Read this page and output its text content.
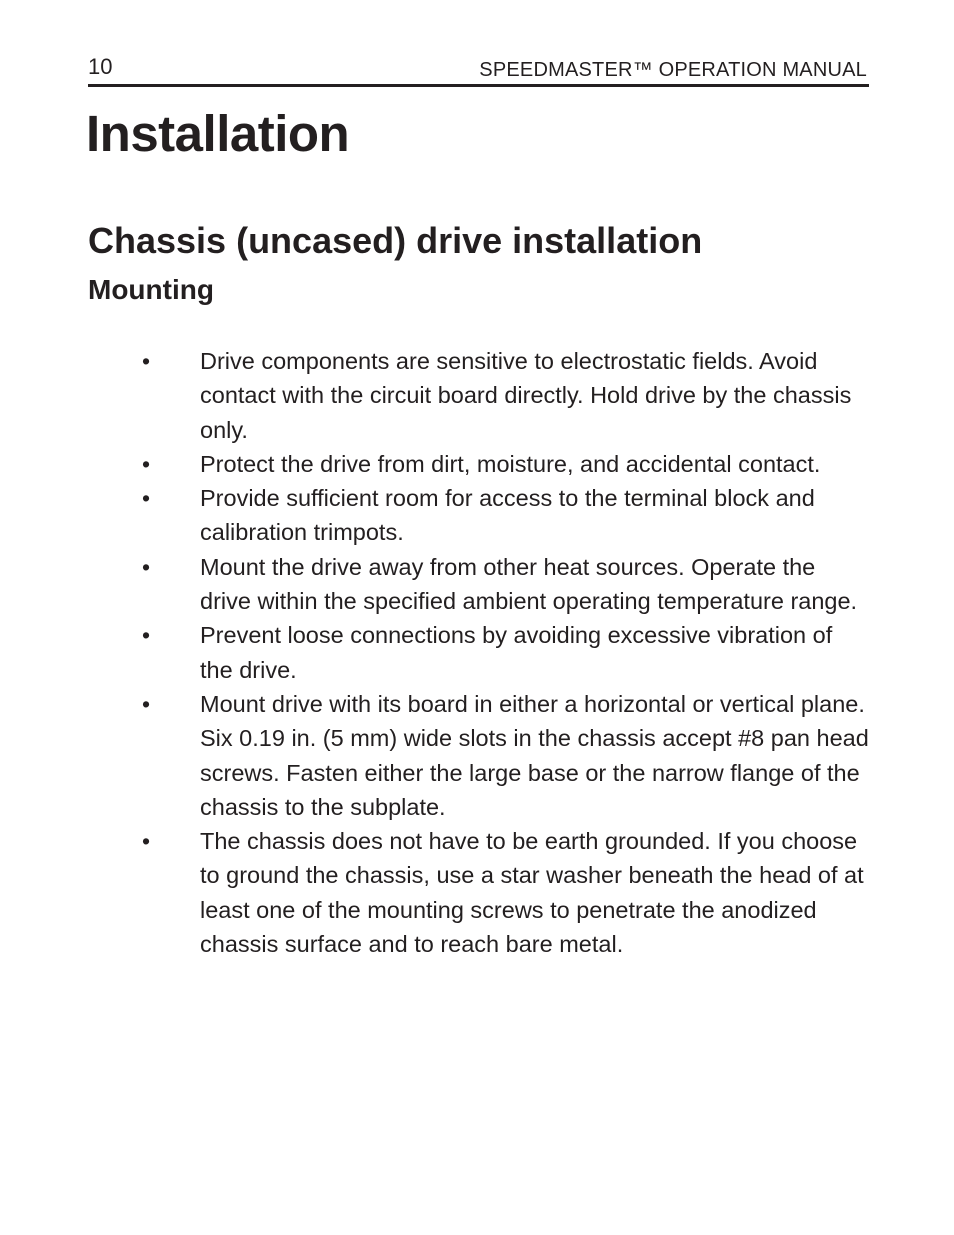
10	SPEEDMASTER™ OPERATION MANUAL
Installation
Chassis (uncased) drive installation
Mounting
• Drive components are sensitive to electrostatic fields. Avoid contact with the circuit board directly. Hold drive by the chassis only.
• Protect the drive from dirt, moisture, and accidental contact.
• Provide sufficient room for access to the terminal block and calibration trimpots.
• Mount the drive away from other heat sources. Operate the drive within the specified ambient operating temperature range.
• Prevent loose connections by avoiding excessive vibration of the drive.
• Mount drive with its board in either a horizontal or vertical plane. Six 0.19 in. (5 mm) wide slots in the chassis accept #8 pan head screws. Fasten either the large base or the narrow flange of the chassis to the subplate.
• The chassis does not have to be earth grounded. If you choose to ground the chassis, use a star washer beneath the head of at least one of the mounting screws to penetrate the anodized chassis surface and to reach bare metal.
